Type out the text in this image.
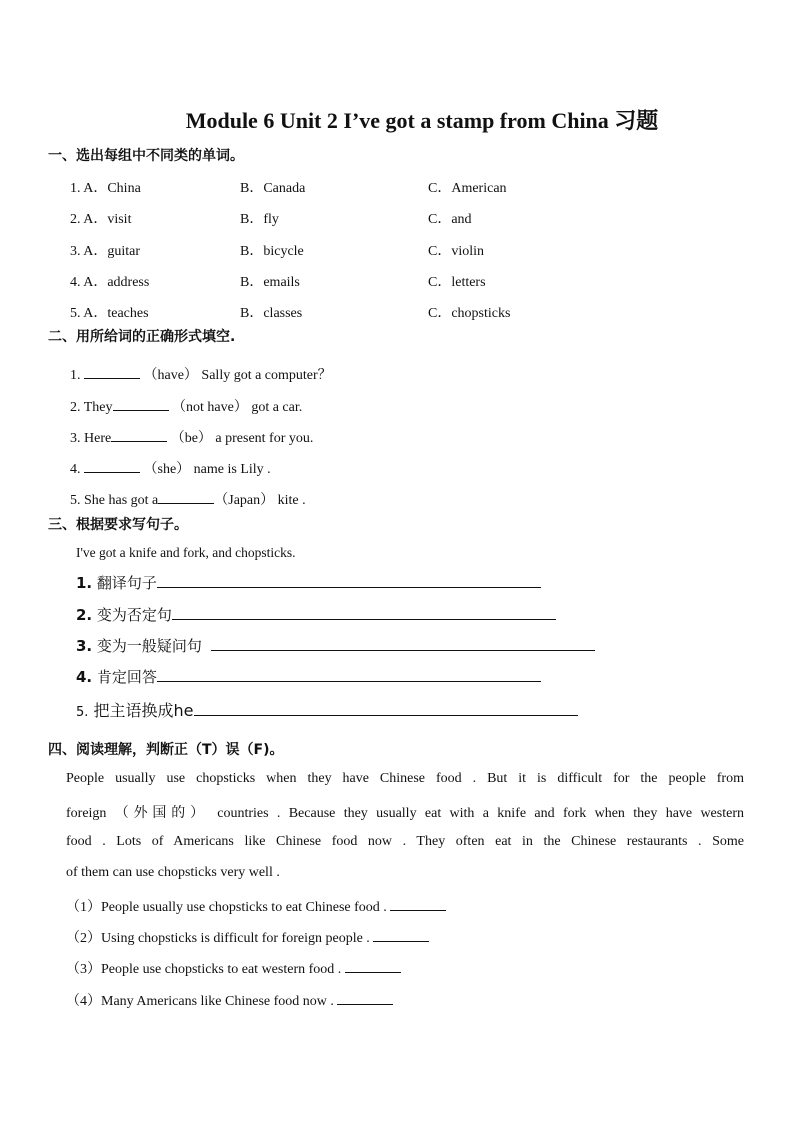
Module 6 Unit 2 I’ve got a stamp from China 习题
一、选出每组中不同类的单词。
1. A．China	B．Canada	C．American
2. A．visit	B．fly	C．and
3. A．guitar	B．bicycle	C．violin
4. A．address	B．emails	C．letters
5. A．teaches	B．classes	C．chopsticks
二、用所给词的正确形式填空.
1.	（have） Sally got a computer？
2. They	（not have） got a car.
3. Here	（be） a present for you.
4.	（she） name is Lily .
5. She has got a	（Japan） kite .
三、根据要求写句子。
I've got a knife and fork, and chopsticks.
1. 翻译句子
2. 变为否定句
3. 变为一般疑问句
4. 肯定回答
5. 把主语换成he
四、阅读理解，判断正（T）误（F)。
People usually use chopsticks when they have Chinese food . But it is difficult for the people from
foreign （外国的） countries . Because they usually eat with a knife and fork when they have western
food . Lots of Americans like Chinese food now . They often eat in the Chinese restaurants . Some
of them can use chopsticks very well .
（1）People usually use chopsticks to eat Chinese food .
（2）Using chopsticks is difficult for foreign people .
（3）People use chopsticks to eat western food .
（4）Many Americans like Chinese food now .
